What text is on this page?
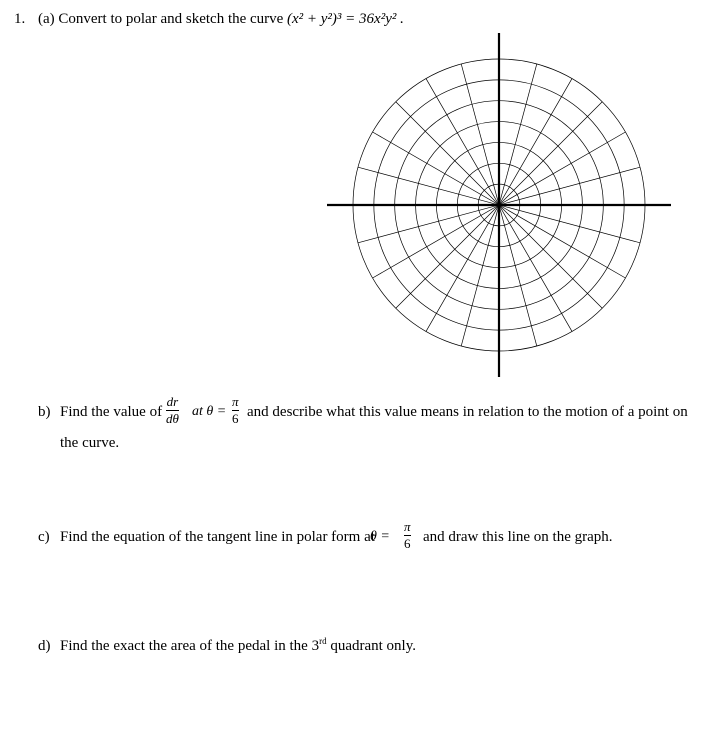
1. (a) Convert to polar and sketch the curve (x² + y²)³ = 36x²y² .
b) Find the value of
dr
dθ at θ =
π
6 and describe what this value means in relation to the motion of a point on
the curve.
c) Find the equation of the tangent line in polar form at
θ =
π
6 and draw this line on the graph.
d) Find the exact the area of the pedal in the 3rd quadrant only.
